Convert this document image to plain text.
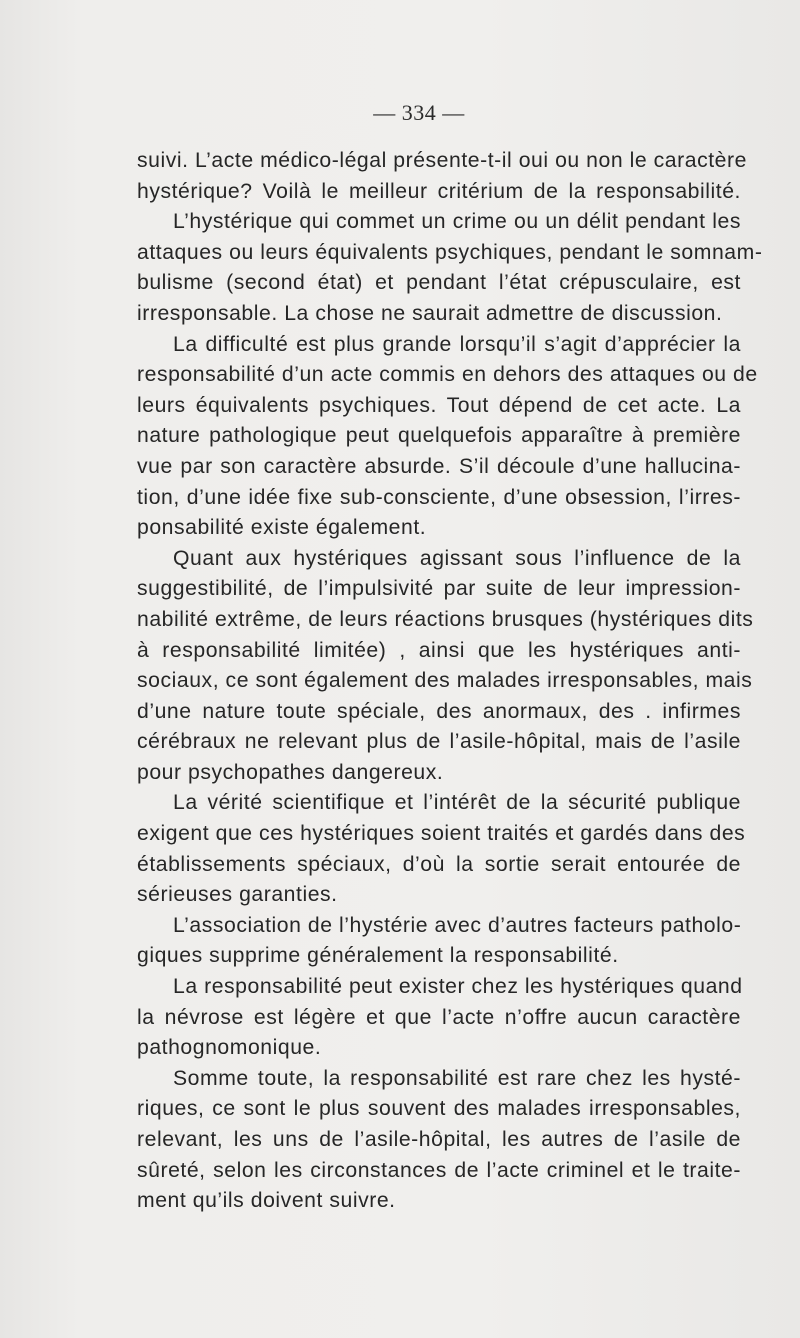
— 334 —
suivi. L’acte médico-légal présente-t-il oui ou non le caractère
hystérique? Voilà le meilleur critérium de la responsabilité.
L’hystérique qui commet un crime ou un délit pendant les
attaques ou leurs équivalents psychiques, pendant le somnam-
bulisme (second état) et pendant l’état crépusculaire, est
irresponsable. La chose ne saurait admettre de discussion.
La difficulté est plus grande lorsqu’il s’agit d’apprécier la
responsabilité d’un acte commis en dehors des attaques ou de
leurs équivalents psychiques. Tout dépend de cet acte. La
nature pathologique peut quelquefois apparaître à première
vue par son caractère absurde. S’il découle d’une hallucina-
tion, d’une idée fixe sub-consciente, d’une obsession, l’irres-
ponsabilité existe également.
Quant aux hystériques agissant sous l’influence de la
suggestibilité, de l’impulsivité par suite de leur impression-
nabilité extrême, de leurs réactions brusques (hystériques dits
à responsabilité limitée) , ainsi que les hystériques anti-
sociaux, ce sont également des malades irresponsables, mais
d’une nature toute spéciale, des anormaux, des . infirmes
cérébraux ne relevant plus de l’asile-hôpital, mais de l’asile
pour psychopathes dangereux.
La vérité scientifique et l’intérêt de la sécurité publique
exigent que ces hystériques soient traités et gardés dans des
établissements spéciaux, d’où la sortie serait entourée de
sérieuses garanties.
L’association de l’hystérie avec d’autres facteurs patholo-
giques supprime généralement la responsabilité.
La responsabilité peut exister chez les hystériques quand
la névrose est légère et que l’acte n’offre aucun caractère
pathognomonique.
Somme toute, la responsabilité est rare chez les hysté-
riques, ce sont le plus souvent des malades irresponsables,
relevant, les uns de l’asile-hôpital, les autres de l’asile de
sûreté, selon les circonstances de l’acte criminel et le traite-
ment qu’ils doivent suivre.
